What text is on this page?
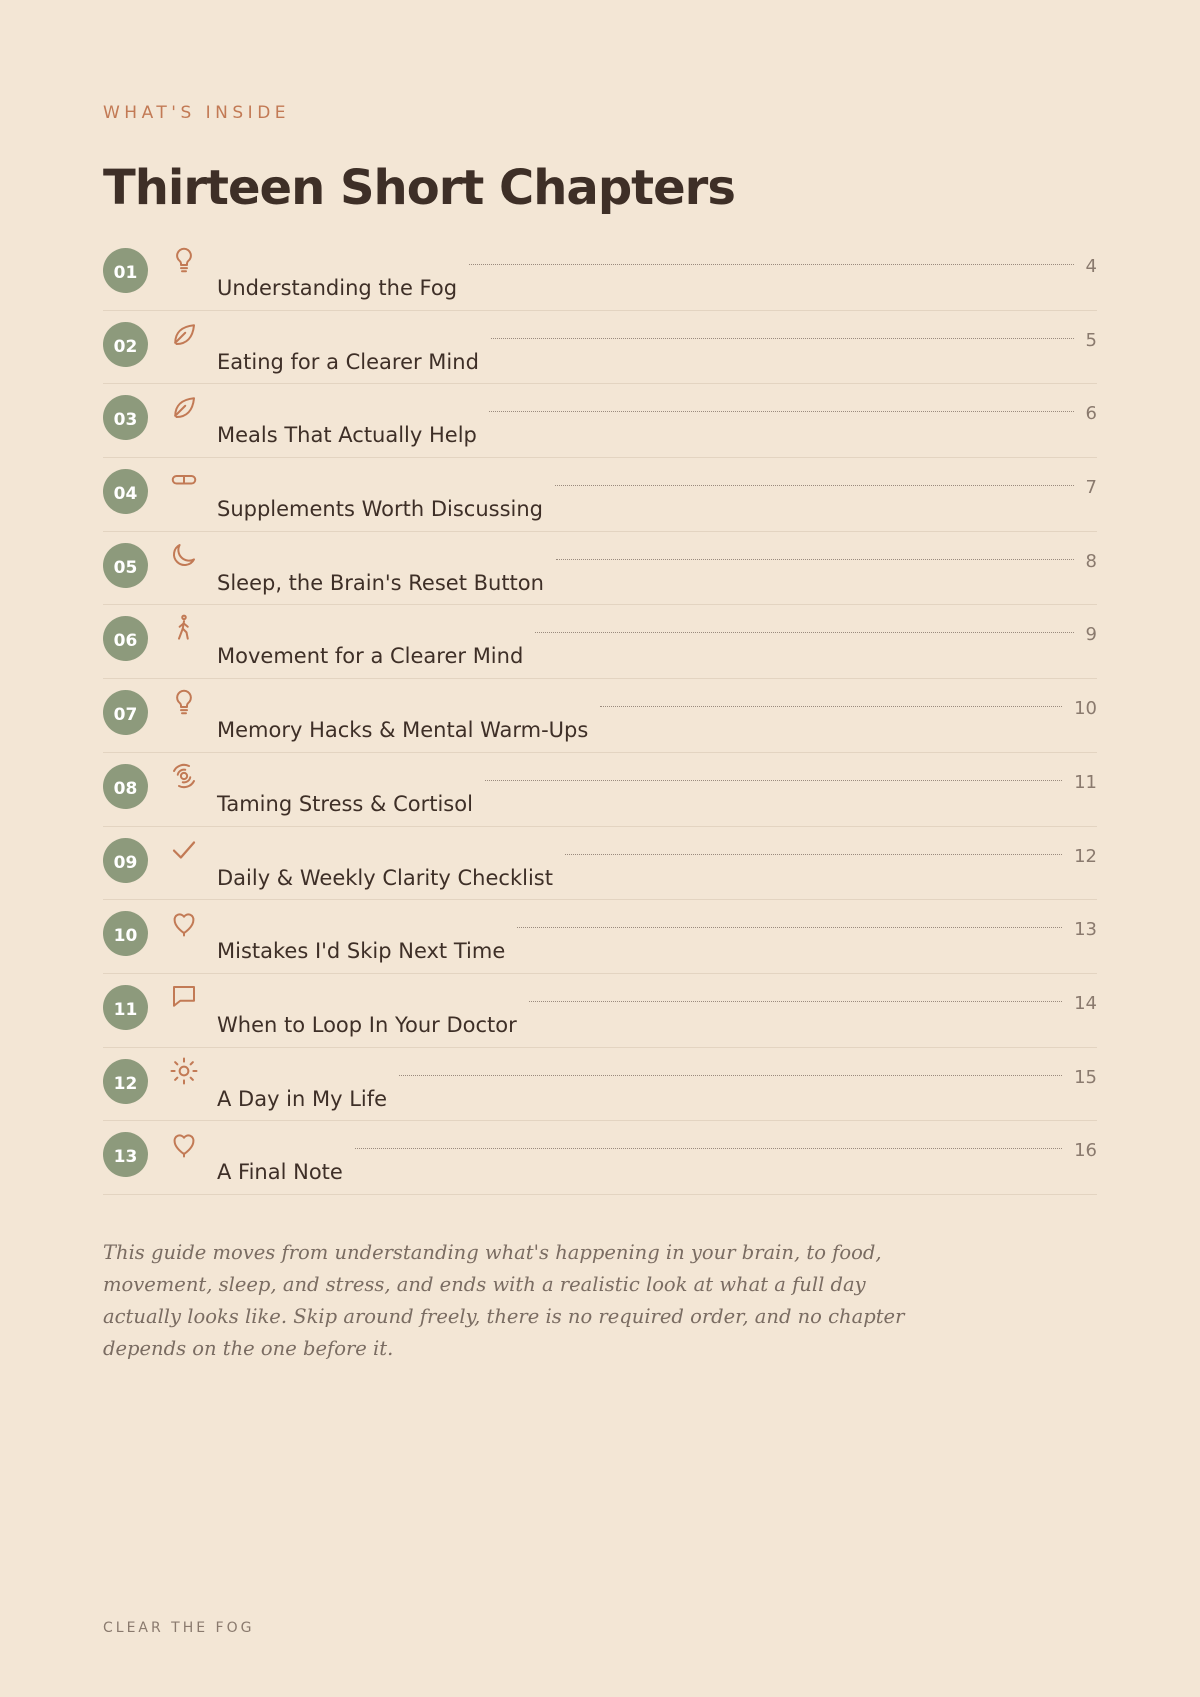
WHAT'S INSIDE
Thirteen Short Chapters
01
Understanding the Fog
4
02
Eating for a Clearer Mind
5
03
Meals That Actually Help
6
04
Supplements Worth Discussing
7
05
Sleep, the Brain's Reset Button
8
06
Movement for a Clearer Mind
9
07
Memory Hacks & Mental Warm-Ups
10
08
Taming Stress & Cortisol
11
09
Daily & Weekly Clarity Checklist
12
10
Mistakes I'd Skip Next Time
13
11
When to Loop In Your Doctor
14
12
A Day in My Life
15
13
A Final Note
16

This guide moves from understanding what's happening in your brain, to food, movement, sleep, and stress, and ends with a realistic look at what a full day actually looks like. Skip around freely, there is no required order, and no chapter depends on the one before it.

CLEAR THE FOG
